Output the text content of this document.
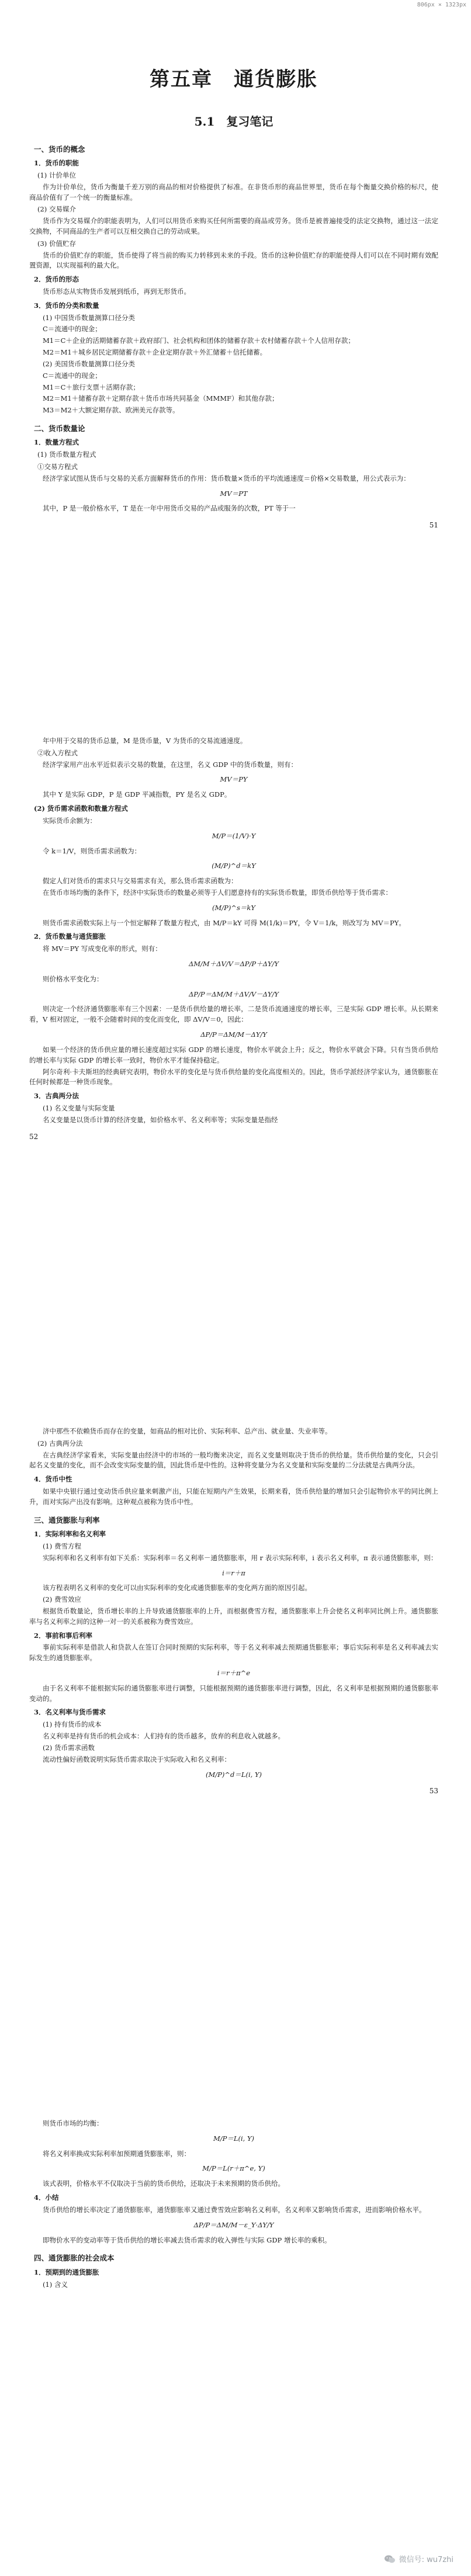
806px × 1323px
第五章　通货膨胀
5.1　复习笔记
一、货币的概念
1．货币的职能
(1) 计价单位
作为计价单位，货币为衡量千差万别的商品的相对价格提供了标准。在非货币形的商品世界里，货币在每个衡量交换价格的标尺，使商品价值有了一个统一的衡量标准。
(2) 交易媒介
货币作为交易媒介的职能表明为，人们可以用货币来购买任何所需要的商品或劳务。货币是被普遍接受的法定交换物，通过这一法定交换物，不同商品的生产者可以互相交换自己的劳动成果。
(3) 价值贮存
货币的价值贮存的职能，货币使得了将当前的购买力转移到未来的手段。货币的这种价值贮存的职能使得人们可以在不同时期有效配置资源，以实现福利的最大化。
2．货币的形态
货币形态从实物货币发展到纸币，再到无形货币。
3．货币的分类和数量
(1) 中国货币数量测算口径分类
C＝流通中的现金；
M1＝C＋企业的活期储蓄存款＋政府部门、社会机构和团体的储蓄存款＋农村储蓄存款＋个人信用存款；
M2＝M1＋城乡居民定期储蓄存款＋企业定期存款＋外汇储蓄＋信托储蓄。
(2) 美国货币数量测算口径分类
C＝流通中的现金；
M1＝C＋旅行支票＋活期存款；
M2＝M1＋储蓄存款＋定期存款＋货币市场共同基金（MMMF）和其他存款；
M3＝M2＋大额定期存款、欧洲美元存款等。
二、货币数量论
1．数量方程式
(1) 货币数量方程式
①交易方程式
经济学家试图从货币与交易的关系方面解释货币的作用：货币数量×货币的平均流通速度＝价格×交易数量，用公式表示为：
MV＝PT
其中，P 是一般价格水平，T 是在一年中用货币交易的产品或服务的次数，PT 等于一
51
年中用于交易的货币总量，M 是货币量，V 为货币的交易流通速度。
②收入方程式
经济学家用产出水平近似表示交易的数量，在这里，名义 GDP 中的货币数量，则有：
MV＝PY
其中 Y 是实际 GDP，P 是 GDP 平减指数，PY 是名义 GDP。
(2) 货币需求函数和数量方程式
实际货币余额为：
M/P＝(1/V)·Y
令 k＝1/V，则货币需求函数为：
(M/P)^d＝kY
假定人们对货币的需求只与交易需求有关，那么货币需求函数为：
在货币市场均衡的条件下，经济中实际货币的数量必须等于人们愿意持有的实际货币数量，即货币供给等于货币需求：
(M/P)^s＝kY
则货币需求函数实际上与一个恒定解释了数量方程式，由 M/P＝kY 可得 M(1/k)＝PY，令 V＝1/k，则改写为 MV＝PY。
2．货币数量与通货膨胀
将 MV＝PY 写成变化率的形式，则有：
ΔM/M＋ΔV/V＝ΔP/P＋ΔY/Y
则价格水平变化为：
ΔP/P＝ΔM/M＋ΔV/V－ΔY/Y
则决定一个经济通货膨胀率有三个因素：一是货币供给量的增长率，二是货币流通速度的增长率，三是实际 GDP 增长率。从长期来看，V 相对固定，一般不会随着时间的变化而变化，即 ΔV/V＝0，因此：
ΔP/P＝ΔM/M－ΔY/Y
如果一个经济的货币供应量的增长速度超过实际 GDP 的增长速度，物价水平就会上升；反之，物价水平就会下降。只有当货币供给的增长率与实际 GDP 的增长率一致时，物价水平才能保持稳定。
阿尔奇利·卡夫斯坦的经典研究表明，物价水平的变化是与货币供给量的变化高度相关的。因此，货币学派经济学家认为，通货膨胀在任何时候都是一种货币现象。
3．古典两分法
(1) 名义变量与实际变量
名义变量是以货币计算的经济变量，如价格水平、名义利率等；实际变量是指经
52
济中那些不依赖货币而存在的变量，如商品的相对比价、实际利率、总产出、就业量、失业率等。
(2) 古典两分法
在古典经济学家看来，实际变量由经济中的市场的一般均衡来决定，而名义变量则取决于货币的供给量。货币供给量的变化，只会引起名义变量的变化，而不会改变实际变量的值，因此货币是中性的。这种将变量分为名义变量和实际变量的二分法就是古典两分法。
4．货币中性
如果中央银行通过变动货币供应量来刺激产出，只能在短期内产生效果，长期来看，货币供给量的增加只会引起物价水平的同比例上升，而对实际产出没有影响。这种观点被称为货币中性。
三、通货膨胀与利率
1．实际利率和名义利率
(1) 费雪方程
实际利率和名义利率有如下关系：实际利率＝名义利率－通货膨胀率，用 r 表示实际利率，i 表示名义利率，π 表示通货膨胀率，则：
i＝r＋π
该方程表明名义利率的变化可以由实际利率的变化或通货膨胀率的变化两方面的原因引起。
(2) 费雪效应
根据货币数量论，货币增长率的上升导致通货膨胀率的上升，而根据费雪方程，通货膨胀率上升会使名义利率同比例上升。通货膨胀率与名义利率之间的这种一对一的关系被称为费雪效应。
2．事前和事后利率
事前实际利率是借款人和贷款人在签订合同时预期的实际利率，等于名义利率减去预期通货膨胀率；事后实际利率是名义利率减去实际发生的通货膨胀率。
i＝r＋π^e
由于名义利率不能根据实际的通货膨胀率进行调整，只能根据预期的通货膨胀率进行调整，因此，名义利率是根据预期的通货膨胀率变动的。
3．名义利率与货币需求
(1) 持有货币的成本
名义利率是持有货币的机会成本：人们持有的货币越多，放弃的利息收入就越多。
(2) 货币需求函数
流动性偏好函数说明实际货币需求取决于实际收入和名义利率：
(M/P)^d＝L(i, Y)
53
则货币市场的均衡：
M/P＝L(i, Y)
将名义利率换成实际利率加预期通货膨胀率，则：
M/P＝L(r＋π^e, Y)
该式表明，价格水平不仅取决于当前的货币供给，还取决于未来预期的货币供给。
4．小结
货币供给的增长率决定了通货膨胀率，通货膨胀率又通过费雪效应影响名义利率，名义利率又影响货币需求，进而影响价格水平。
ΔP/P＝ΔM/M－ε_Y·ΔY/Y
即物价水平的变动率等于货币供给的增长率减去货币需求的收入弹性与实际 GDP 增长率的乘积。
四、通货膨胀的社会成本
1．预期到的通货膨胀
(1) 含义
微信号: wu7zhi
